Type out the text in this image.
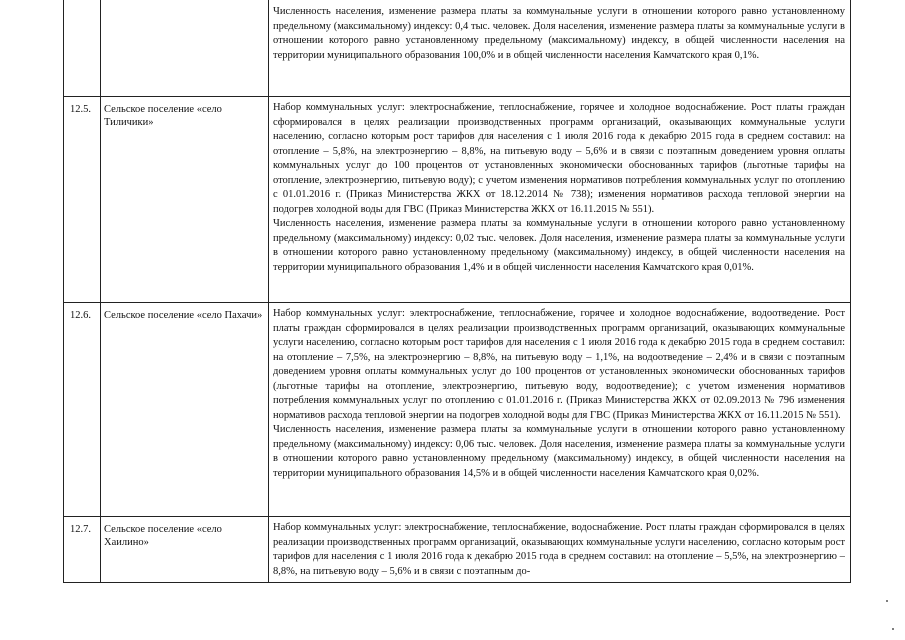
Численность населения, изменение размера платы за коммунальные услуги в отношении которого равно установленному предельному (максимальному) индексу: 0,4 тыс. человек. Доля населения, изменение размера платы за коммунальные услуги в отношении которого равно установленному предельному (максимальному) индексу, в общей численности населения на территории муниципального образования 100,0% и в общей численности населения Камчатского края 0,1%.

12.5. Сельское поселение «село Тиличики»

Набор коммунальных услуг: электроснабжение, теплоснабжение, горячее и холодное водоснабжение. Рост платы граждан сформировался в целях реализации производственных программ организаций, оказывающих коммунальные услуги населению, согласно которым рост тарифов для населения с 1 июля 2016 года к декабрю 2015 года в среднем составил: на отопление – 5,8%, на электроэнергию – 8,8%, на питьевую воду – 5,6% и в связи с поэтапным доведением уровня оплаты коммунальных услуг до 100 процентов от установленных экономически обоснованных тарифов (льготные тарифы на отопление, электроэнергию, питьевую воду); с учетом изменения нормативов потребления коммунальных услуг по отоплению с 01.01.2016 г. (Приказ Министерства ЖКХ от 18.12.2014 № 738); изменения нормативов расхода тепловой энергии на подогрев холодной воды для ГВС (Приказ Министерства ЖКХ от 16.11.2015 № 551).

Численность населения, изменение размера платы за коммунальные услуги в отношении которого равно установленному предельному (максимальному) индексу: 0,02 тыс. человек. Доля населения, изменение размера платы за коммунальные услуги в отношении которого равно установленному предельному (максимальному) индексу, в общей численности населения на территории муниципального образования 1,4% и в общей численности населения Камчатского края 0,01%.

12.6. Сельское поселение «село Пахачи» Набор коммунальных услуг: электроснабжение, теплоснабжение, горячее и холодное водоснабжение, водоотведение. Рост платы граждан сформировался в целях реализации производственных программ организаций, оказывающих коммунальные услуги населению, согласно которым рост тарифов для населения с 1 июля 2016 года к декабрю 2015 года в среднем составил: на отопление – 7,5%, на электроэнергию – 8,8%, на питьевую воду – 1,1%, на водоотведение – 2,4% и в связи с поэтапным доведением уровня оплаты коммунальных услуг до 100 процентов от установленных экономически обоснованных тарифов (льготные тарифы на отопление, электроэнергию, питьевую воду, водоотведение); с учетом изменения нормативов потребления коммунальных услуг по отоплению с 01.01.2016 г. (Приказ Министерства ЖКХ от 02.09.2013 № 796 изменения нормативов расхода тепловой энергии на подогрев холодной воды для ГВС (Приказ Министерства ЖКХ от 16.11.2015 № 551).

Численность населения, изменение размера платы за коммунальные услуги в отношении которого равно установленному предельному (максимальному) индексу: 0,06 тыс. человек. Доля населения, изменение размера платы за коммунальные услуги в отношении которого равно установленному предельному (максимальному) индексу, в общей численности населения на территории муниципального образования 14,5% и в общей численности населения Камчатского края 0,02%.

12.7. Сельское поселение «село Хаилино»

Набор коммунальных услуг: электроснабжение, теплоснабжение, водоснабжение. Рост платы граждан сформировался в целях реализации производственных программ организаций, оказывающих коммунальные услуги населению, согласно которым рост тарифов для населения с 1 июля 2016 года к декабрю 2015 года в среднем составил: на отопление – 5,5%, на электроэнергию – 8,8%, на питьевую воду – 5,6% и в связи с поэтапным до-
